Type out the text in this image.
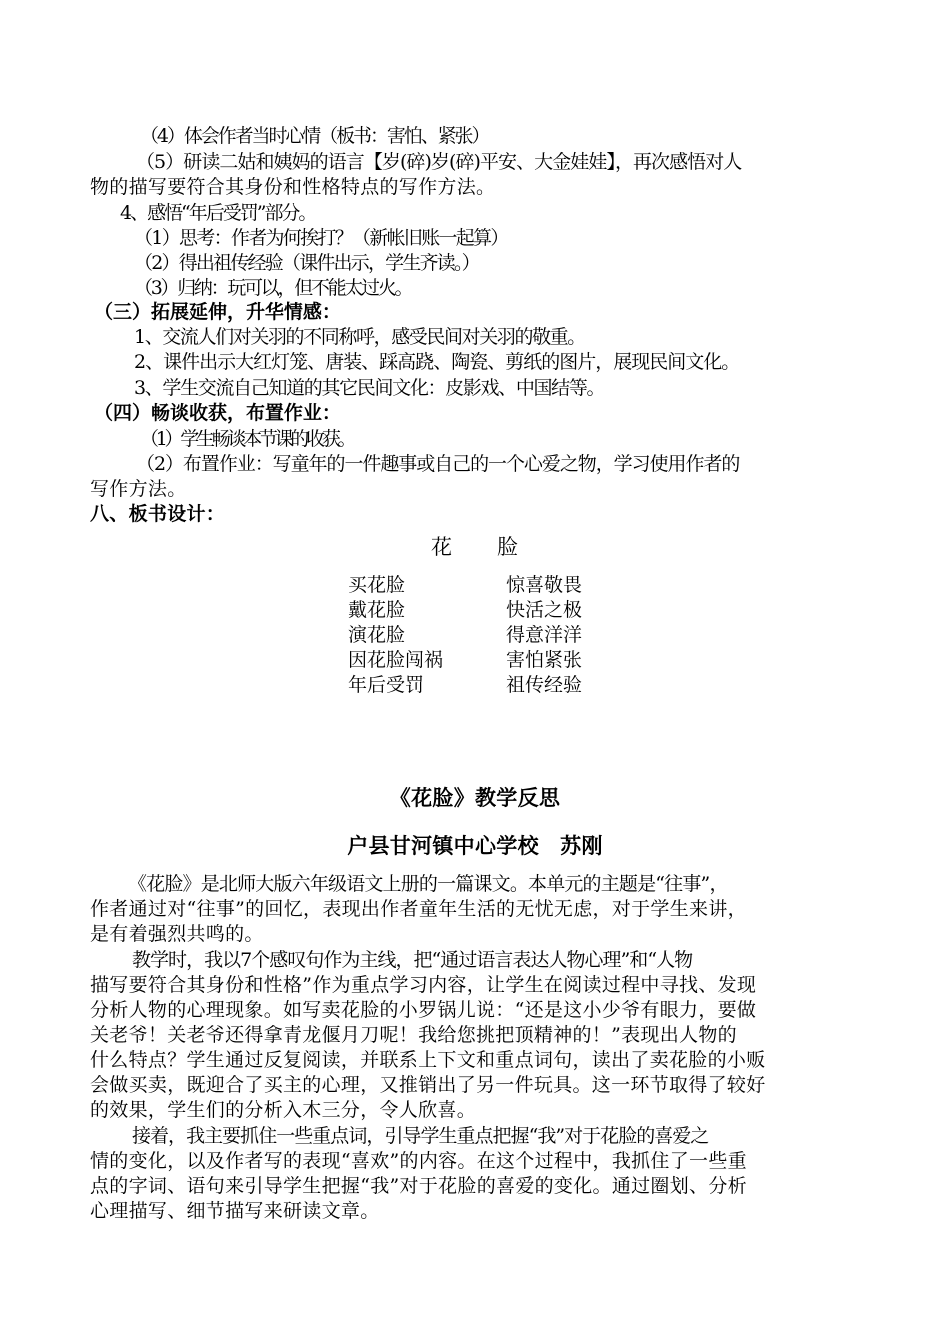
（4）体会作者当时心情（板书：害怕、紧张）
（5）研读二姑和姨妈的语言【岁(碎)岁(碎)平安、大金娃娃】，再次感悟对人
物的描写要符合其身份和性格特点的写作方法。
4、感悟“年后受罚”部分。
（1）思考：作者为何挨打？（新帐旧账一起算）
（2）得出祖传经验（课件出示，学生齐读。）
（3）归纳：玩可以，但不能太过火。
（三）拓展延伸，升华情感：
1、交流人们对关羽的不同称呼，感受民间对关羽的敬重。
2、课件出示大红灯笼、唐装、踩高跷、陶瓷、剪纸的图片，展现民间文化。
3、学生交流自己知道的其它民间文化：皮影戏、中国结等。
（四）畅谈收获，布置作业：
（1）学生畅谈本节课的收获。
（2）布置作业：写童年的一件趣事或自己的一个心爱之物，学习使用作者的
写作方法。
八、板书设计：
花　　脸
买花脸
戴花脸
演花脸
因花脸闯祸
年后受罚
惊喜敬畏
快活之极
得意洋洋
害怕紧张
祖传经验
《花脸》教学反思
户县甘河镇中心学校　苏刚
《花脸》是北师大版六年级语文上册的一篇课文。本单元的主题是“往事”，
作者通过对“往事”的回忆，表现出作者童年生活的无忧无虑，对于学生来讲，
是有着强烈共鸣的。
教学时，我以7个感叹句作为主线，把“通过语言表达人物心理”和“人物
描写要符合其身份和性格”作为重点学习内容，让学生在阅读过程中寻找、发现
分析人物的心理现象。如写卖花脸的小罗锅儿说：“还是这小少爷有眼力，要做
关老爷！关老爷还得拿青龙偃月刀呢！我给您挑把顶精神的！”表现出人物的
什么特点？学生通过反复阅读，并联系上下文和重点词句，读出了卖花脸的小贩
会做买卖，既迎合了买主的心理，又推销出了另一件玩具。这一环节取得了较好
的效果，学生们的分析入木三分，令人欣喜。
接着，我主要抓住一些重点词，引导学生重点把握“我”对于花脸的喜爱之
情的变化，以及作者写的表现“喜欢”的内容。在这个过程中，我抓住了一些重
点的字词、语句来引导学生把握“我”对于花脸的喜爱的变化。通过圈划、分析
心理描写、细节描写来研读文章。
